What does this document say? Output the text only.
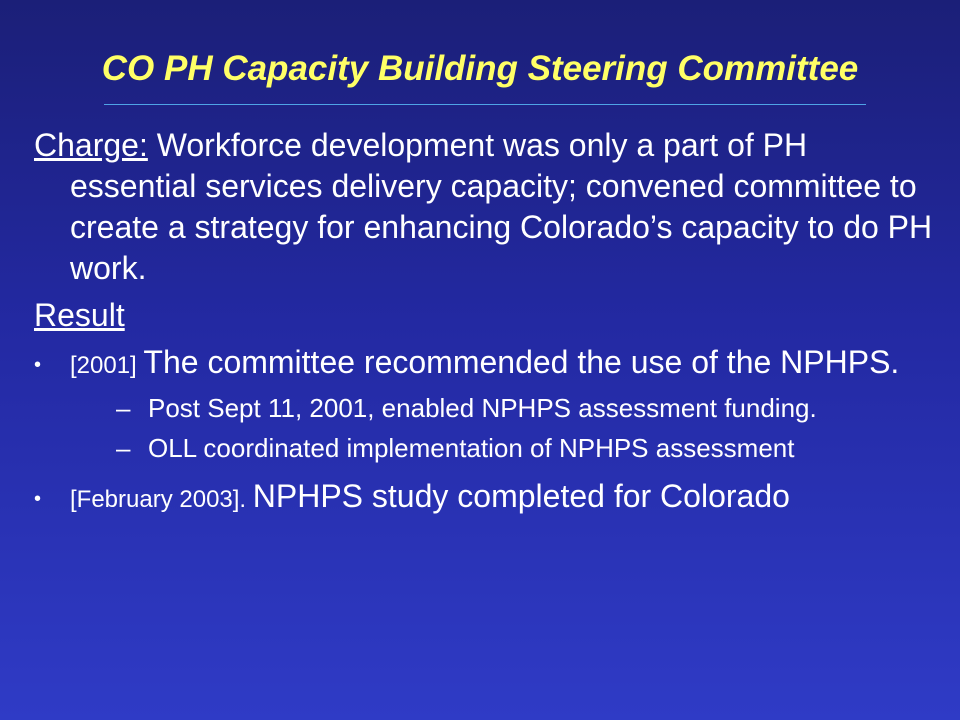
CO PH Capacity Building Steering Committee

Charge: Workforce development was only a part of PH essential services delivery capacity; convened committee to create a strategy for enhancing Colorado’s capacity to do PH work.

Result
• [2001] The committee recommended the use of the NPHPS.
– Post Sept 11, 2001, enabled NPHPS assessment funding.
– OLL coordinated implementation of NPHPS assessment
• [February 2003]. NPHPS study completed for Colorado
